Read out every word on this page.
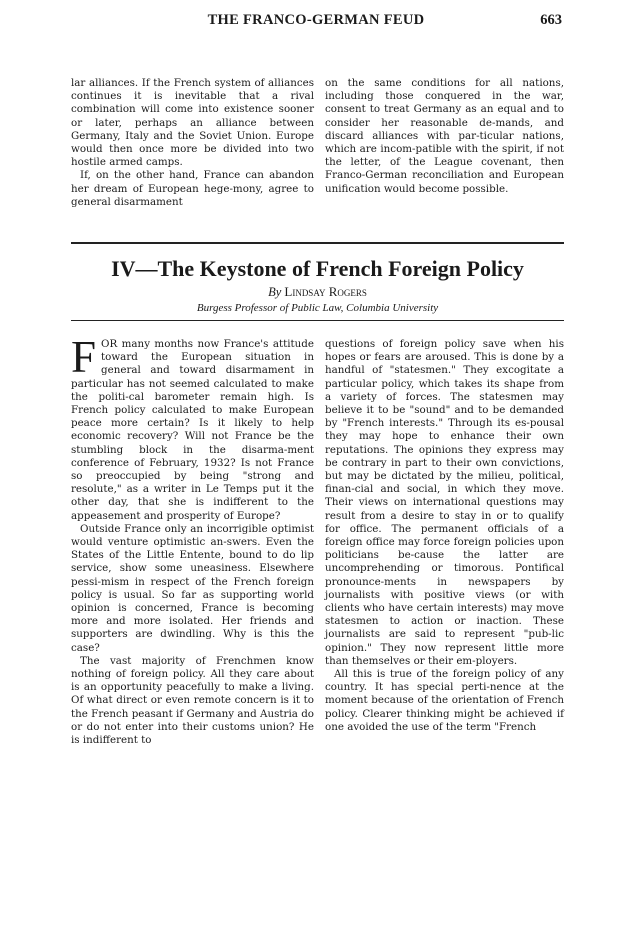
THE FRANCO-GERMAN FEUD	663

lar alliances. If the French system of alliances continues it is inevitable that a rival combination will come into existence sooner or later, perhaps an alliance between Germany, Italy and the Soviet Union. Europe would then once more be divided into two hostile armed camps.

If, on the other hand, France can abandon her dream of European hege-mony, agree to general disarmament

on the same conditions for all nations, including those conquered in the war, consent to treat Germany as an equal and to consider her reasonable de-mands, and discard alliances with par-ticular nations, which are incom-patible with the spirit, if not the letter, of the League covenant, then Franco-German reconciliation and European unification would become possible.

IV—The Keystone of French Foreign Policy
By Lindsay Rogers
Burgess Professor of Public Law, Columbia University

FOR many months now France's attitude toward the European situation in general and toward disarmament in particular has not seemed calculated to make the politi-cal barometer remain high. Is French policy calculated to make European peace more certain? Is it likely to help economic recovery? Will not France be the stumbling block in the disarma-ment conference of February, 1932? Is not France so preoccupied by being "strong and resolute," as a writer in Le Temps put it the other day, that she is indifferent to the appeasement and prosperity of Europe?

Outside France only an incorrigible optimist would venture optimistic an-swers. Even the States of the Little Entente, bound to do lip service, show some uneasiness. Elsewhere pessi-mism in respect of the French foreign policy is usual. So far as supporting world opinion is concerned, France is becoming more and more isolated. Her friends and supporters are dwindling. Why is this the case?

The vast majority of Frenchmen know nothing of foreign policy. All they care about is an opportunity peacefully to make a living. Of what direct or even remote concern is it to the French peasant if Germany and Austria do or do not enter into their customs union? He is indifferent to

questions of foreign policy save when his hopes or fears are aroused. This is done by a handful of "statesmen." They excogitate a particular policy, which takes its shape from a variety of forces. The statesmen may believe it to be "sound" and to be demanded by "French interests." Through its es-pousal they may hope to enhance their own reputations. The opinions they express may be contrary in part to their own convictions, but may be dictated by the milieu, political, finan-cial and social, in which they move. Their views on international questions may result from a desire to stay in or to qualify for office. The permanent officials of a foreign office may force foreign policies upon politicians be-cause the latter are uncomprehending or timorous. Pontifical pronounce-ments in newspapers by journalists with positive views (or with clients who have certain interests) may move statesmen to action or inaction. These journalists are said to represent "pub-lic opinion." They now represent little more than themselves or their em-ployers.

All this is true of the foreign policy of any country. It has special perti-nence at the moment because of the orientation of French policy. Clearer thinking might be achieved if one avoided the use of the term "French
